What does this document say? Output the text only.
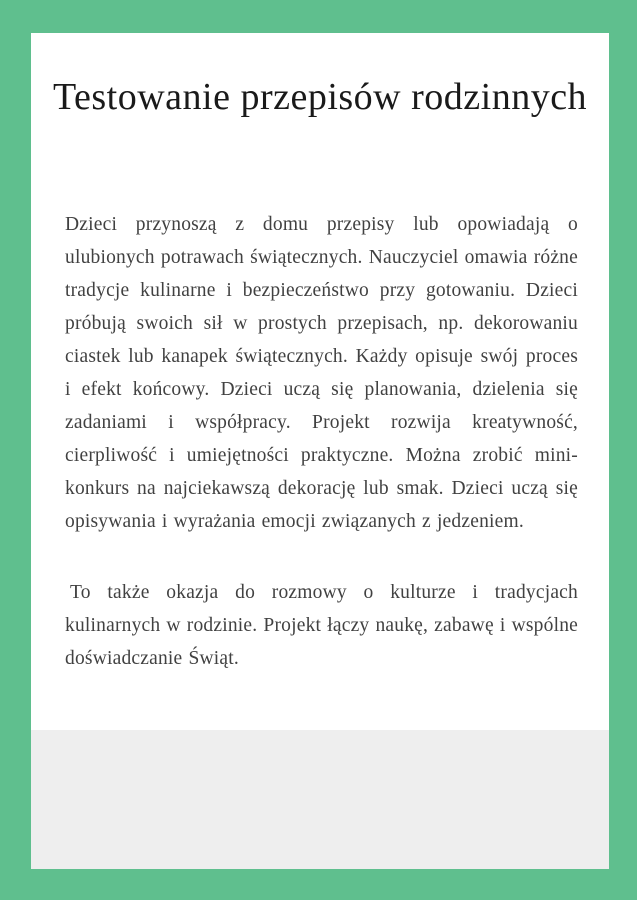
Testowanie przepisów rodzinnych

Dzieci przynoszą z domu przepisy lub opowiadają o ulubionych potrawach świątecznych. Nauczyciel omawia różne tradycje kulinarne i bezpieczeństwo przy gotowaniu. Dzieci próbują swoich sił w prostych przepisach, np. dekorowaniu ciastek lub kanapek świątecznych. Każdy opisuje swój proces i efekt końcowy. Dzieci uczą się planowania, dzielenia się zadaniami i współpracy. Projekt rozwija kreatywność, cierpliwość i umiejętności praktyczne. Można zrobić mini-konkurs na najciekawszą dekorację lub smak. Dzieci uczą się opisywania i wyrażania emocji związanych z jedzeniem.

To także okazja do rozmowy o kulturze i tradycjach kulinarnych w rodzinie. Projekt łączy naukę, zabawę i wspólne doświadczanie Świąt.
